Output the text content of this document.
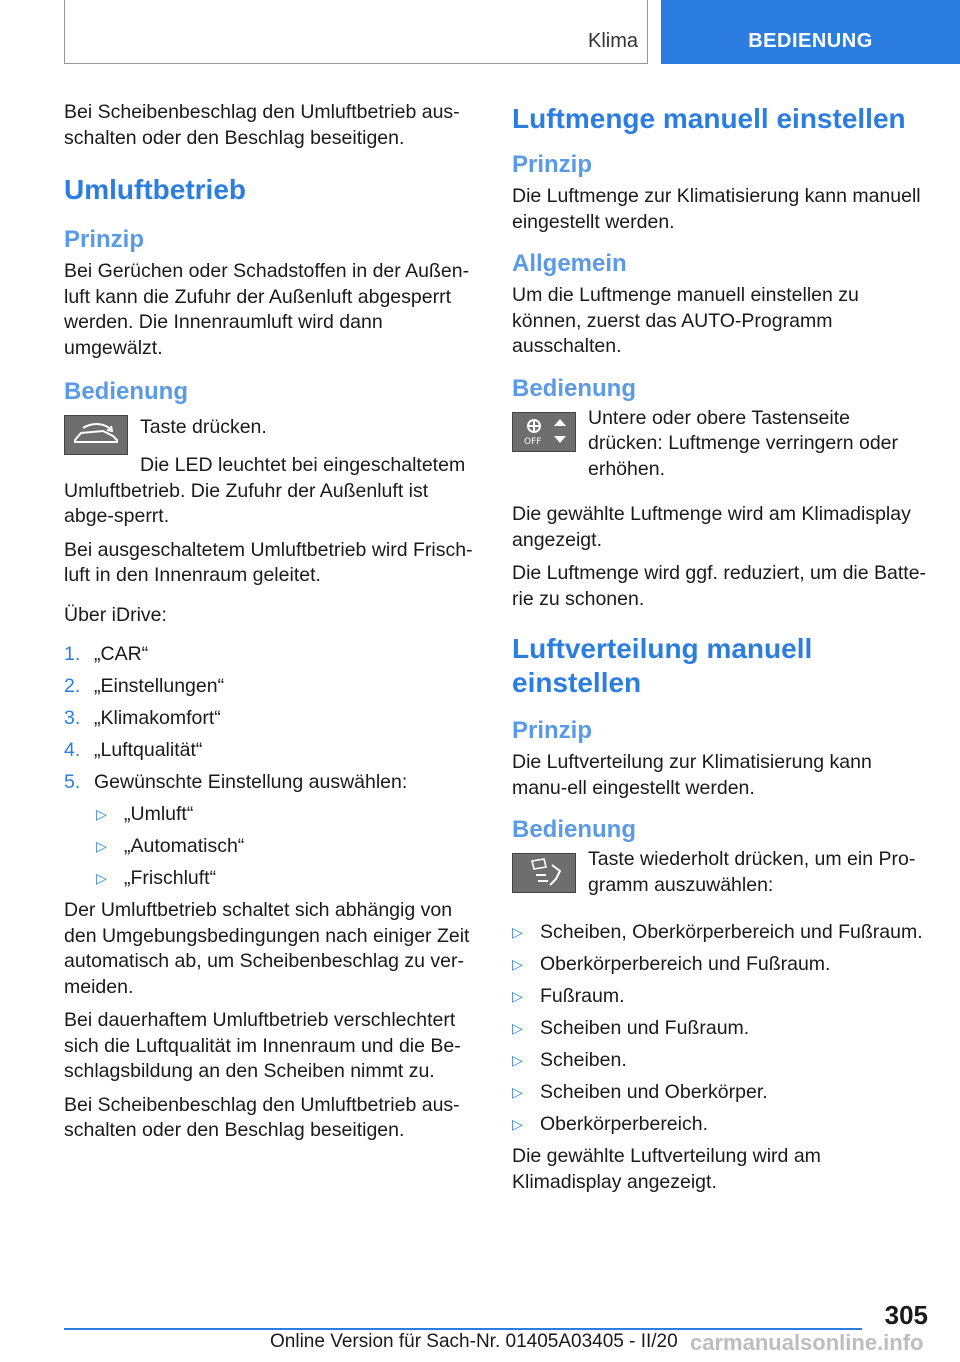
Klima	BEDIENUNG

Bei Scheibenbeschlag den Umluftbetrieb aus-schalten oder den Beschlag beseitigen.

Umluftbetrieb
Prinzip

Bei Gerüchen oder Schadstoffen in der Außen-luft kann die Zufuhr der Außenluft abgesperrt werden. Die Innenraumluft wird dann umgewälzt.

Bedienung

Taste drücken.

Die LED leuchtet bei eingeschaltetem Umluftbetrieb. Die Zufuhr der Außenluft ist abge-sperrt.

Bei ausgeschaltetem Umluftbetrieb wird Frisch-luft in den Innenraum geleitet.

Über iDrive:

1. „CAR“
2. „Einstellungen“
3. „Klimakomfort“
4. „Luftqualität“
5. Gewünschte Einstellung auswählen:
▷ „Umluft“
▷ „Automatisch“
▷ „Frischluft“

Der Umluftbetrieb schaltet sich abhängig von den Umgebungsbedingungen nach einiger Zeit automatisch ab, um Scheibenbeschlag zu ver-meiden.

Bei dauerhaftem Umluftbetrieb verschlechtert sich die Luftqualität im Innenraum und die Be-schlagsbildung an den Scheiben nimmt zu.

Bei Scheibenbeschlag den Umluftbetrieb aus-schalten oder den Beschlag beseitigen.

Luftmenge manuell einstellen
Prinzip

Die Luftmenge zur Klimatisierung kann manuell eingestellt werden.

Allgemein

Um die Luftmenge manuell einstellen zu können, zuerst das AUTO-Programm ausschalten.

Bedienung
OFF

Untere oder obere Tastenseite drücken: Luftmenge verringern oder erhöhen.

Die gewählte Luftmenge wird am Klimadisplay angezeigt.

Die Luftmenge wird ggf. reduziert, um die Batte-rie zu schonen.

Luftverteilung manuell einstellen
Prinzip

Die Luftverteilung zur Klimatisierung kann manu-ell eingestellt werden.

Bedienung

Taste wiederholt drücken, um ein Pro-gramm auszuwählen:

▷ Scheiben, Oberkörperbereich und Fußraum.
▷ Oberkörperbereich und Fußraum.
▷ Fußraum.
▷ Scheiben und Fußraum.
▷ Scheiben.
▷ Scheiben und Oberkörper.
▷ Oberkörperbereich.

Die gewählte Luftverteilung wird am Klimadisplay angezeigt.

305
Online Version für Sach-Nr. 01405A03405 - II/20 carmanualsonline.info
